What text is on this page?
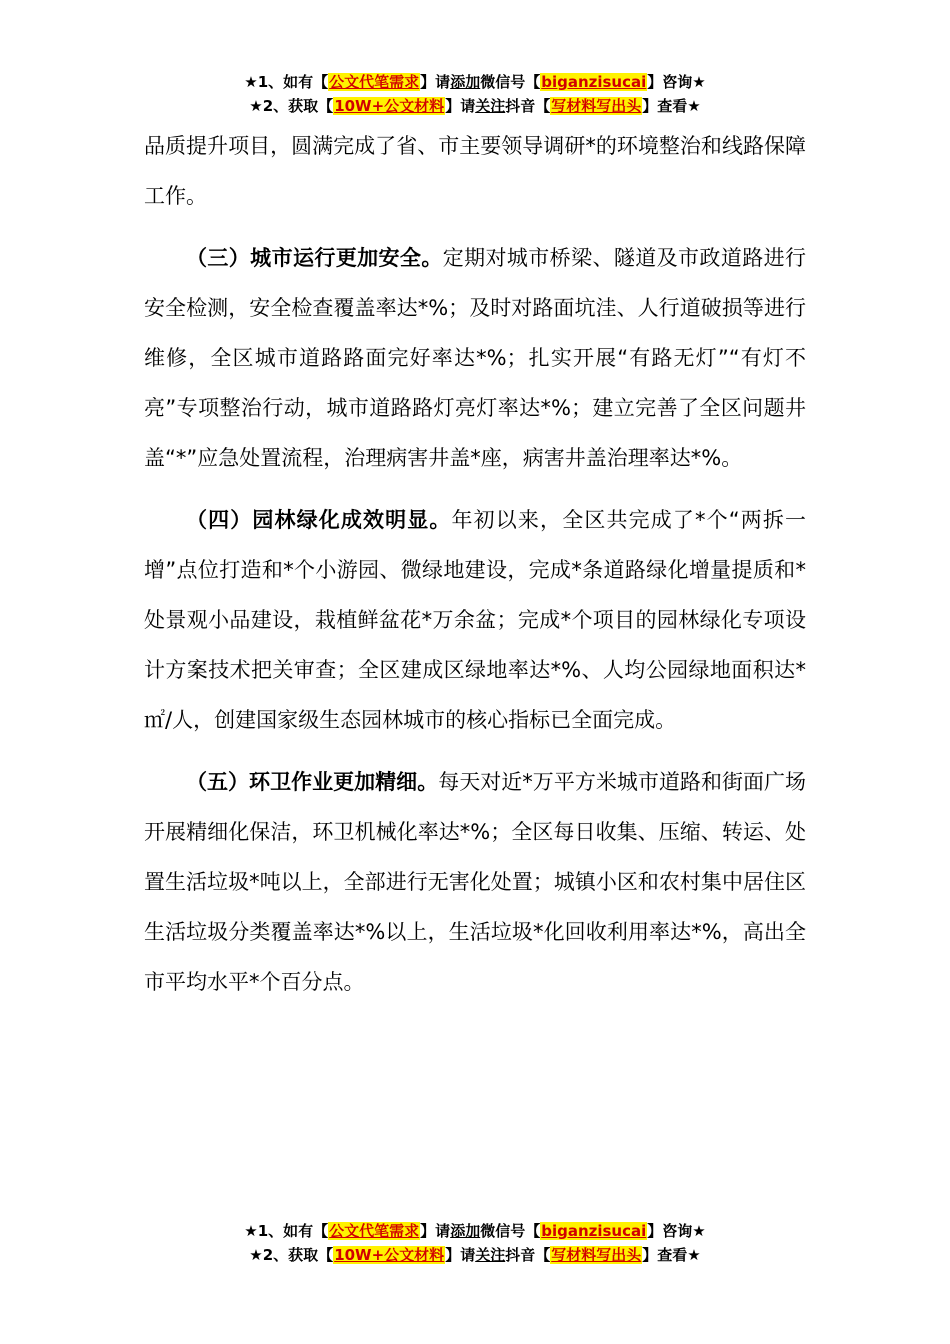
★1、如有【公文代笔需求】请添加微信号【biganzisucai】咨询★
★2、获取【10W+公文材料】请关注抖音【写材料写出头】查看★

品质提升项目，圆满完成了省、市主要领导调研*的环境整治和线路保障工作。

（三）城市运行更加安全。定期对城市桥梁、隧道及市政道路进行安全检测，安全检查覆盖率达*%；及时对路面坑洼、人行道破损等进行维修，全区城市道路路面完好率达*%；扎实开展“有路无灯”“有灯不亮”专项整治行动，城市道路路灯亮灯率达*%；建立完善了全区问题井盖“*”应急处置流程，治理病害井盖*座，病害井盖治理率达*%。

（四）园林绿化成效明显。年初以来，全区共完成了*个“两拆一增”点位打造和*个小游园、微绿地建设，完成*条道路绿化增量提质和*处景观小品建设，栽植鲜盆花*万余盆；完成*个项目的园林绿化专项设计方案技术把关审查；全区建成区绿地率达*%、人均公园绿地面积达*㎡/人，创建国家级生态园林城市的核心指标已全面完成。

（五）环卫作业更加精细。每天对近*万平方米城市道路和街面广场开展精细化保洁，环卫机械化率达*%；全区每日收集、压缩、转运、处置生活垃圾*吨以上，全部进行无害化处置；城镇小区和农村集中居住区生活垃圾分类覆盖率达*%以上，生活垃圾*化回收利用率达*%，高出全市平均水平*个百分点。

★1、如有【公文代笔需求】请添加微信号【biganzisucai】咨询★
★2、获取【10W+公文材料】请关注抖音【写材料写出头】查看★
